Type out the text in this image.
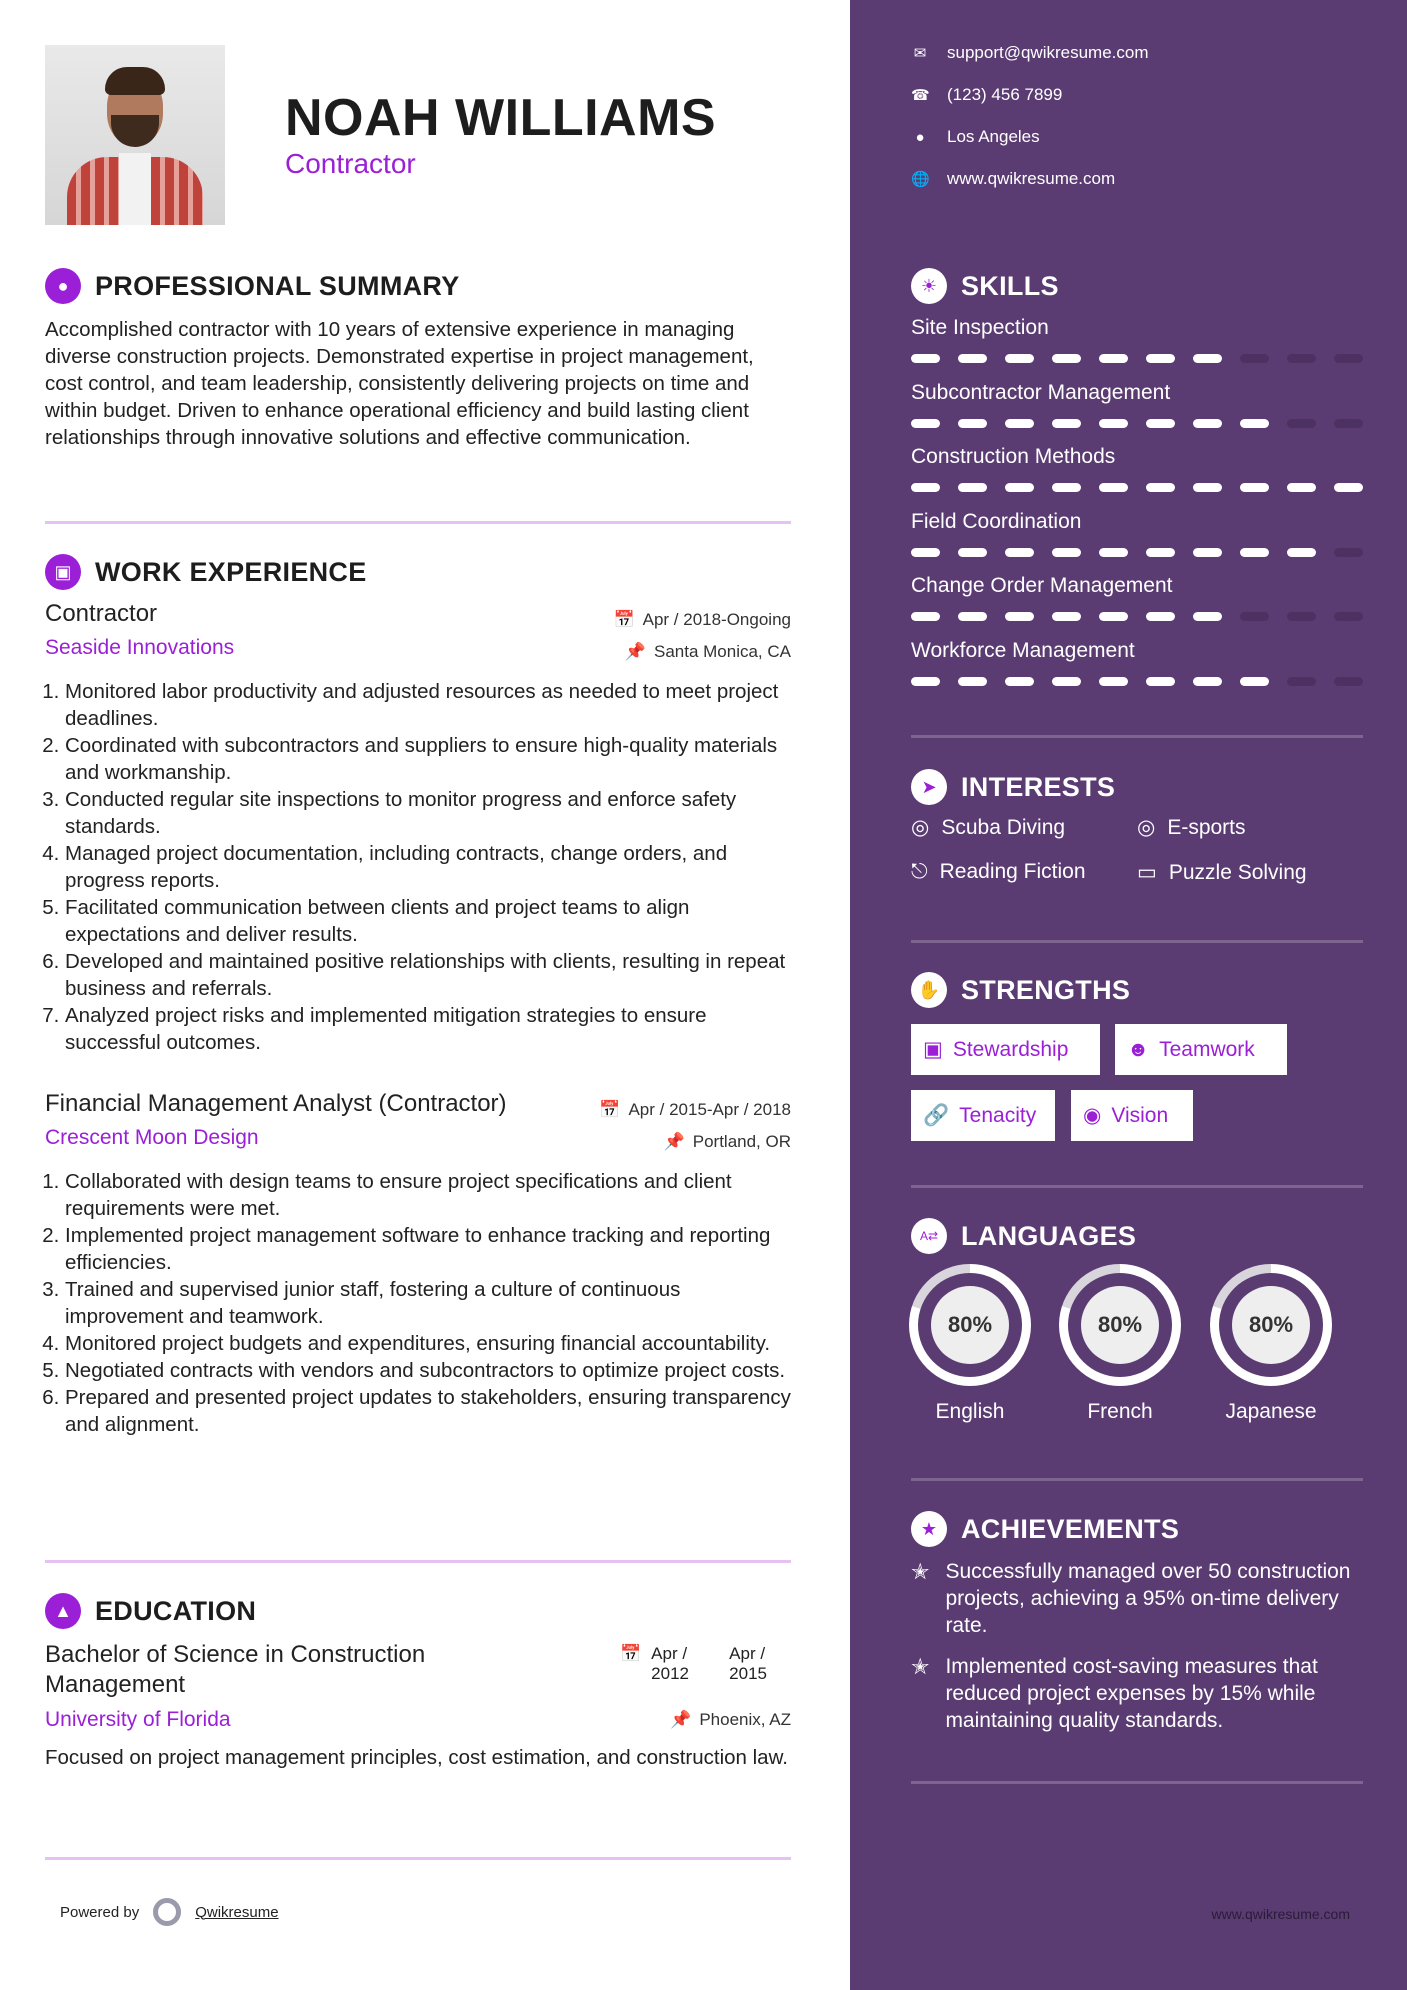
NOAH WILLIAMS
Contractor
● PROFESSIONAL SUMMARY
Accomplished contractor with 10 years of extensive experience in managing diverse construction projects. Demonstrated expertise in project management, cost control, and team leadership, consistently delivering projects on time and within budget. Driven to enhance operational efficiency and build lasting client relationships through innovative solutions and effective communication.
▣ WORK EXPERIENCE
Contractor
Seaside Innovations
📅 Apr / 2018-Ongoing
📌 Santa Monica, CA
1. Monitored labor productivity and adjusted resources as needed to meet project deadlines.
2. Coordinated with subcontractors and suppliers to ensure high-quality materials and workmanship.
3. Conducted regular site inspections to monitor progress and enforce safety standards.
4. Managed project documentation, including contracts, change orders, and progress reports.
5. Facilitated communication between clients and project teams to align expectations and deliver results.
6. Developed and maintained positive relationships with clients, resulting in repeat business and referrals.
7. Analyzed project risks and implemented mitigation strategies to ensure successful outcomes.
Financial Management Analyst (Contractor)
Crescent Moon Design
📅 Apr / 2015-Apr / 2018
📌 Portland, OR
1. Collaborated with design teams to ensure project specifications and client requirements were met.
2. Implemented project management software to enhance tracking and reporting efficiencies.
3. Trained and supervised junior staff, fostering a culture of continuous improvement and teamwork.
4. Monitored project budgets and expenditures, ensuring financial accountability.
5. Negotiated contracts with vendors and subcontractors to optimize project costs.
6. Prepared and presented project updates to stakeholders, ensuring transparency and alignment.
▲ EDUCATION
Bachelor of Science in Construction Management
📅 Apr / 2012
Apr / 2015
University of Florida	📌 Phoenix, AZ
Focused on project management principles, cost estimation, and construction law.
Powered by	Qwikresume
✉ support@qwikresume.com
☎ (123) 456 7899
● Los Angeles
🌐 www.qwikresume.com
☀ SKILLS
Site Inspection
Subcontractor Management
Construction Methods
Field Coordination
Change Order Management
Workforce Management
➤ INTERESTS
◎ Scuba Diving	◎ E-sports
⎋ Reading Fiction ▭ Puzzle Solving
✋ STRENGTHS
▣ Stewardship	☻ Teamwork
🔗 Tenacity ◉ Vision
A⇄ LANGUAGES
80%	80%	80%
English	French	Japanese
★ ACHIEVEMENTS
✭ Successfully managed over 50 construction projects, achieving a 95% on-time delivery rate.
✭ Implemented cost-saving measures that reduced project expenses by 15% while maintaining quality standards.
www.qwikresume.com
